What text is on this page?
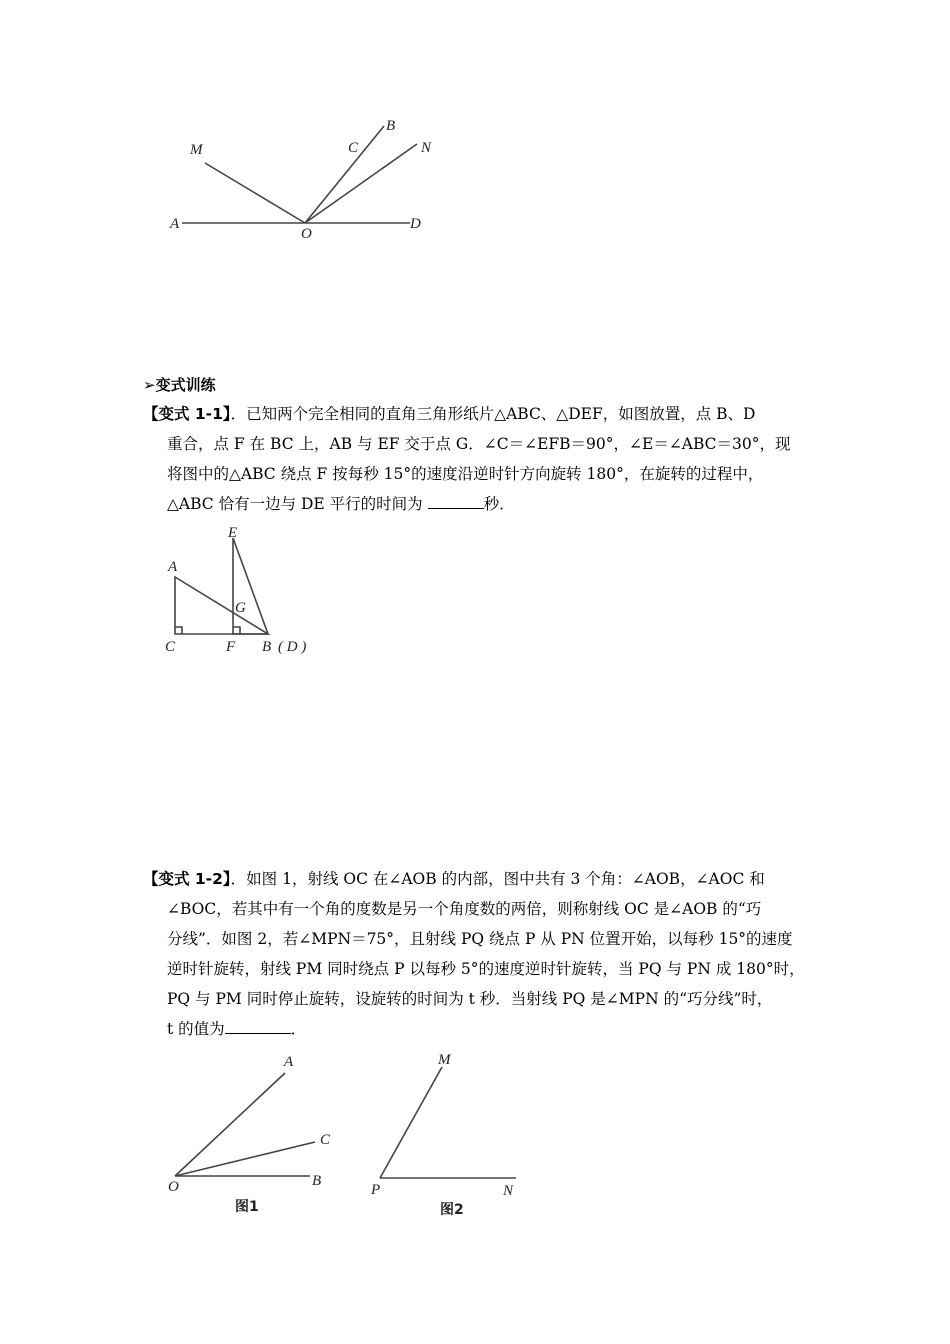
M	C
B
N
A
O
D
➢变式训练
【变式 1-1】．已知两个完全相同的直角三角形纸片△ABC、△DEF，如图放置，点 B、D
重合，点 F 在 BC 上，AB 与 EF 交于点 G．∠C＝∠EFB＝90°，∠E＝∠ABC＝30°，现
将图中的△ABC 绕点 F 按每秒 15°的速度沿逆时针方向旋转 180°，在旋转的过程中，
△ABC 恰有一边与 DE 平行的时间为	秒．
E
A
G
C	F B ( D )
【变式 1-2】．如图 1，射线 OC 在∠AOB 的内部，图中共有 3 个角：∠AOB，∠AOC 和
∠BOC，若其中有一个角的度数是另一个角度数的两倍，则称射线 OC 是∠AOB 的“巧
分线”．如图 2，若∠MPN＝75°，且射线 PQ 绕点 P 从 PN 位置开始，以每秒 15°的速度
逆时针旋转，射线 PM 同时绕点 P 以每秒 5°的速度逆时针旋转，当 PQ 与 PN 成 180°时，
PQ 与 PM 同时停止旋转，设旋转的时间为 t 秒．当射线 PQ 是∠MPN 的“巧分线”时，
t 的值为	．
A
C
O	B
图1
M
P	N
图2
